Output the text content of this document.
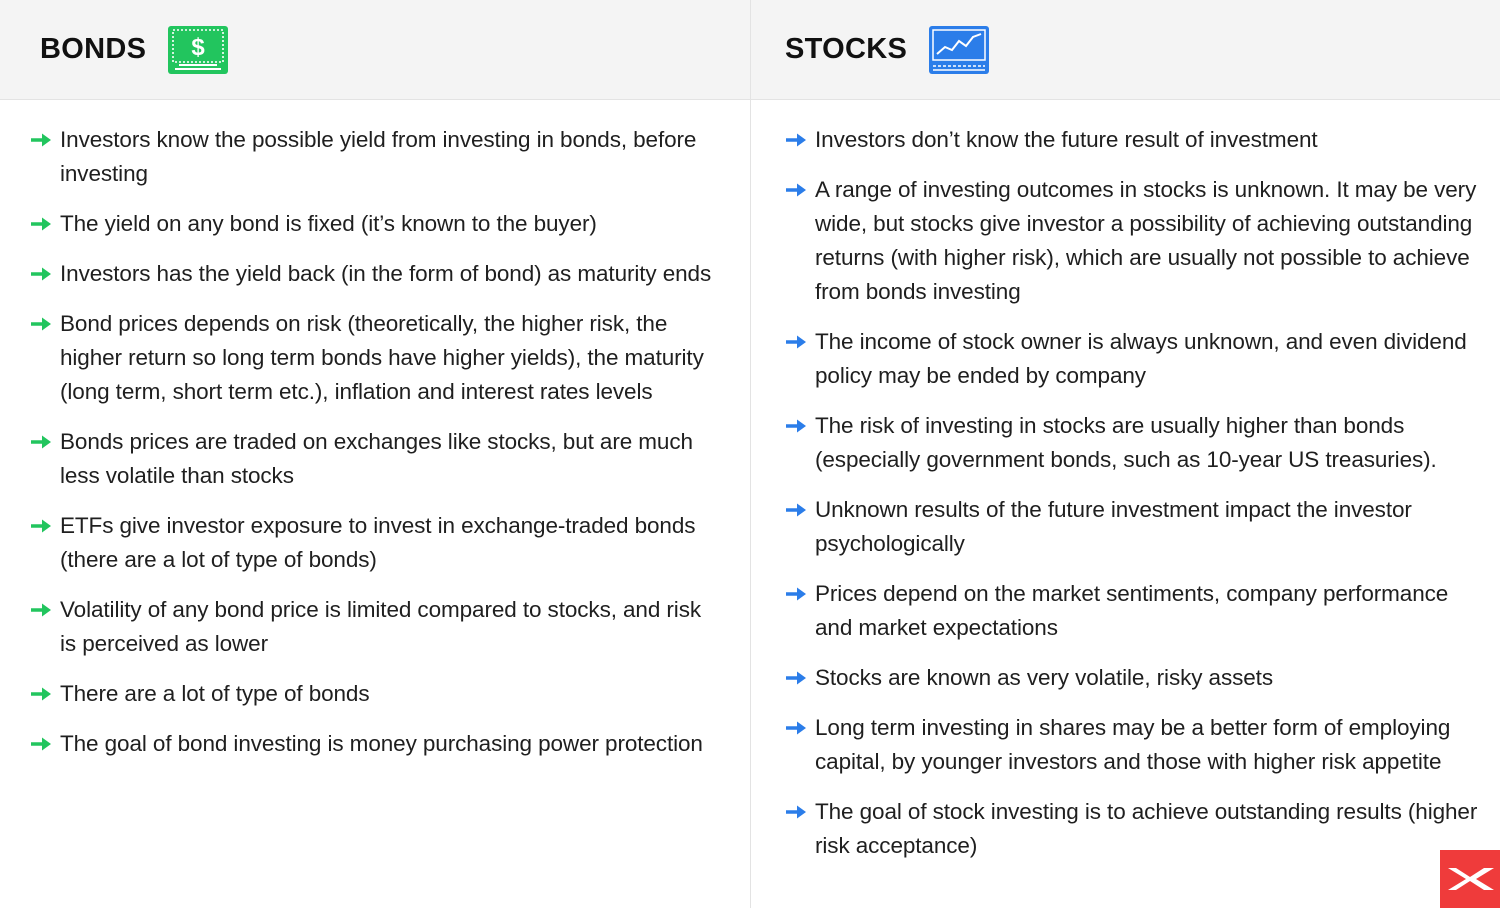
BONDS $
Investors know the possible yield from investing in bonds, before investing
The yield on any bond is fixed (it’s known to the buyer)
Investors has the yield back (in the form of bond) as maturity ends
Bond prices depends on risk (theoretically, the higher risk, the higher return so long term bonds have higher yields), the maturity (long term, short term etc.), inflation and interest rates levels
Bonds prices are traded on exchanges like stocks, but are much less volatile than stocks
ETFs give investor exposure to invest in exchange-traded bonds (there are a lot of type of bonds)
Volatility of any bond price is limited compared to stocks, and risk is perceived as lower
There are a lot of type of bonds
The goal of bond investing is money purchasing power protection
STOCKS
Investors don’t know the future result of investment
A range of investing outcomes in stocks is unknown. It may be very wide, but stocks give investor a possibility of achieving outstanding returns (with higher risk), which are usually not possible to achieve from bonds investing
The income of stock owner is always unknown, and even dividend policy may be ended by company
The risk of investing in stocks are usually higher than bonds (especially government bonds, such as 10-year US treasuries).
Unknown results of the future investment impact the investor psychologically
Prices depend on the market sentiments, company performance and market expectations
Stocks are known as very volatile, risky assets
Long term investing in shares may be a better form of employing capital, by younger investors and those with higher risk appetite
The goal of stock investing is to achieve outstanding results (higher risk acceptance)
